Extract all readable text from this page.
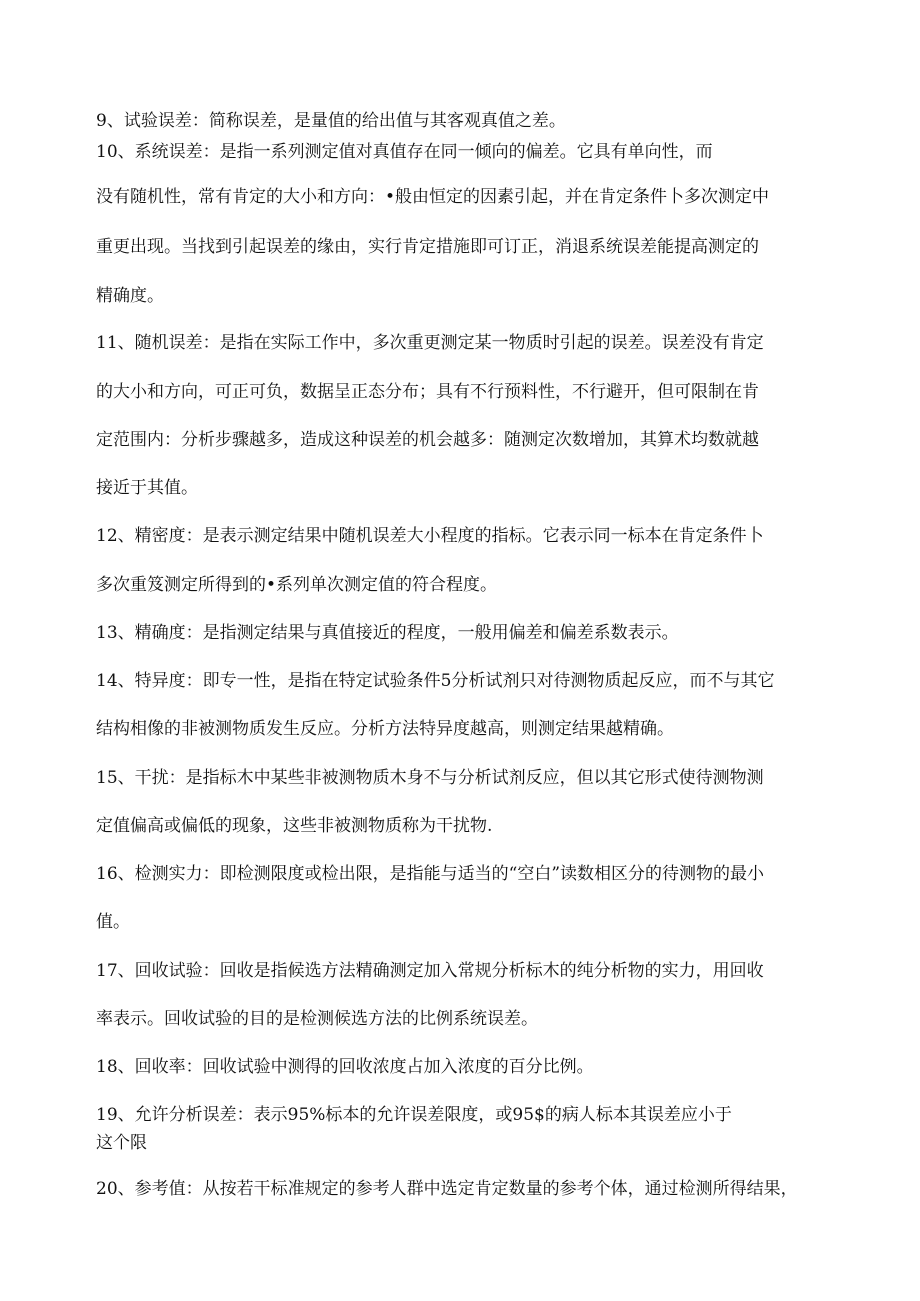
9、试验误差：简称误差，是量值的给出值与其客观真值之差。

10、系统误差：是指一系列测定值对真值存在同一倾向的偏差。它具有单向性，而

没有随机性，常有肯定的大小和方向：•般由恒定的因素引起，并在肯定条件卜多次测定中

重更出现。当找到引起误差的缘由，实行肯定措施即可订正，消退系统误差能提高测定的

精确度。

11、随机误差：是指在实际工作中，多次重更测定某一物质时引起的误差。误差没有肯定

的大小和方向，可正可负，数据呈正态分布；具有不行预料性，不行避开，但可限制在肯

定范围内：分析步骤越多，造成这种误差的机会越多：随测定次数增加，其算术均数就越

接近于其值。

12、精密度：是表示测定结果中随机误差大小程度的指标。它表示同一标本在肯定条件卜

多次重笈测定所得到的•系列单次测定值的符合程度。

13、精确度：是指测定结果与真值接近的程度，一般用偏差和偏差系数表示。

14、特异度：即专一性，是指在特定试验条件5分析试剂只对待测物质起反应，而不与其它

结构相像的非被测物质发生反应。分析方法特异度越高，则测定结果越精确。

15、干扰：是指标木中某些非被测物质木身不与分析试剂反应，但以其它形式使待测物测

定值偏高或偏低的现象，这些非被测物质称为干扰物.

16、检测实力：即检测限度或检出限，是指能与适当的“空白”读数相区分的待测物的最小

值。

17、回收试验：回收是指候选方法精确测定加入常规分析标木的纯分析物的实力，用回收

率表示。回收试验的目的是检测候选方法的比例系统误差。

18、回收率：回收试验中测得的回收浓度占加入浓度的百分比例。

19、允许分析误差：表示95%标本的允许误差限度，或95$的病人标本其误差应小于

这个限

20、参考值：从按若干标准规定的参考人群中选定肯定数量的参考个体，通过检测所得结果，
